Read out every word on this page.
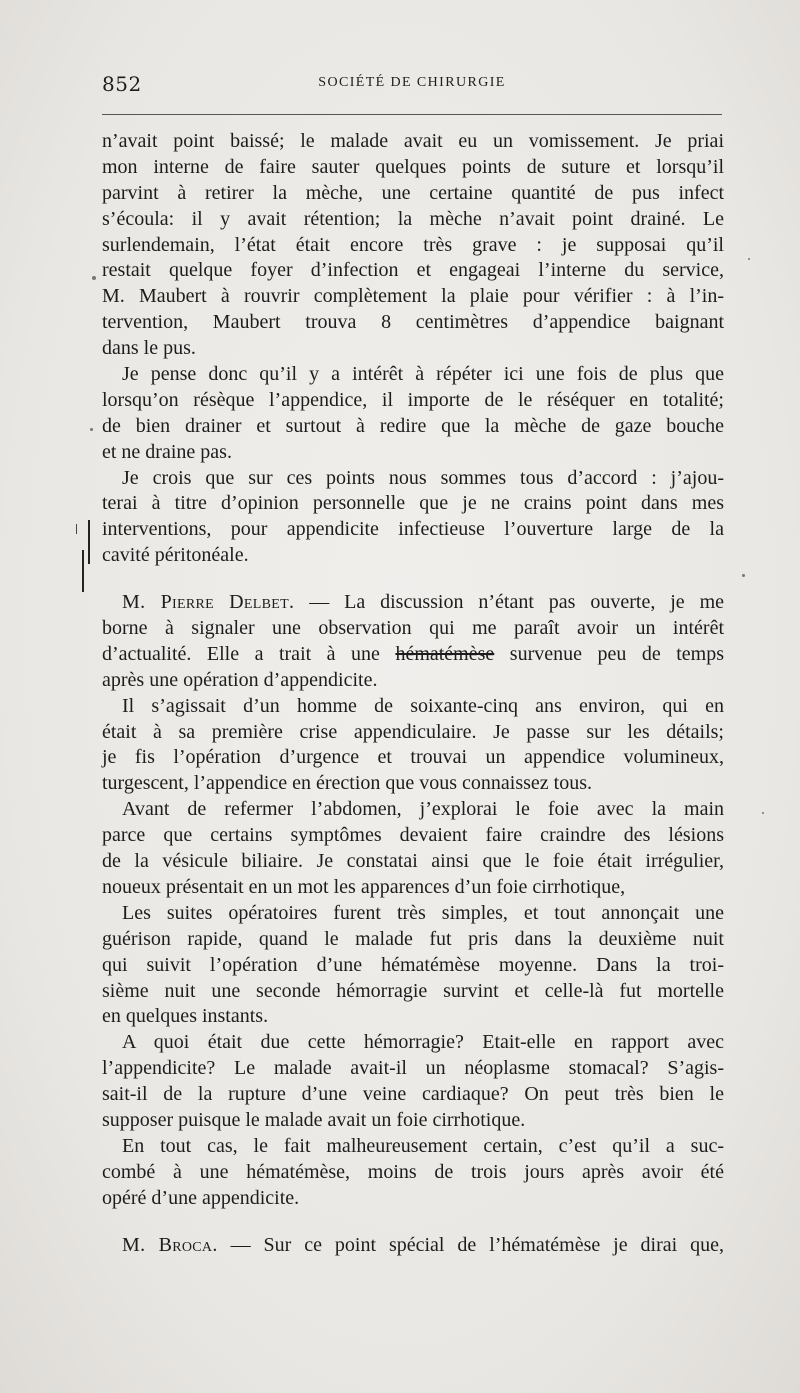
852	SOCIÉTÉ DE CHIRURGIE
n’avait point baissé; le malade avait eu un vomissement. Je priai
mon interne de faire sauter quelques points de suture et lorsqu’il
parvint à retirer la mèche, une certaine quantité de pus infect
s’écoula: il y avait rétention; la mèche n’avait point drainé. Le
surlendemain, l’état était encore très grave : je supposai qu’il
restait quelque foyer d’infection et engageai l’interne du service,
M. Maubert à rouvrir complètement la plaie pour vérifier : à l’in-
tervention, Maubert trouva 8 centimètres d’appendice baignant
dans le pus.
Je pense donc qu’il y a intérêt à répéter ici une fois de plus que
lorsqu’on résèque l’appendice, il importe de le réséquer en totalité;
de bien drainer et surtout à redire que la mèche de gaze bouche
et ne draine pas.
Je crois que sur ces points nous sommes tous d’accord : j’ajou-
terai à titre d’opinion personnelle que je ne crains point dans mes
interventions, pour appendicite infectieuse l’ouverture large de la
cavité péritonéale.
M. Pierre Delbet. — La discussion n’étant pas ouverte, je me
borne à signaler une observation qui me paraît avoir un intérêt
d’actualité. Elle a trait à une hématémèse survenue peu de temps
après une opération d’appendicite.
Il s’agissait d’un homme de soixante-cinq ans environ, qui en
était à sa première crise appendiculaire. Je passe sur les détails;
je fis l’opération d’urgence et trouvai un appendice volumineux,
turgescent, l’appendice en érection que vous connaissez tous.
Avant de refermer l’abdomen, j’explorai le foie avec la main
parce que certains symptômes devaient faire craindre des lésions
de la vésicule biliaire. Je constatai ainsi que le foie était irrégulier,
noueux présentait en un mot les apparences d’un foie cirrhotique,
Les suites opératoires furent très simples, et tout annonçait une
guérison rapide, quand le malade fut pris dans la deuxième nuit
qui suivit l’opération d’une hématémèse moyenne. Dans la troi-
sième nuit une seconde hémorragie survint et celle-là fut mortelle
en quelques instants.
A quoi était due cette hémorragie? Etait-elle en rapport avec
l’appendicite? Le malade avait-il un néoplasme stomacal? S’agis-
sait-il de la rupture d’une veine cardiaque? On peut très bien le
supposer puisque le malade avait un foie cirrhotique.
En tout cas, le fait malheureusement certain, c’est qu’il a suc-
combé à une hématémèse, moins de trois jours après avoir été
opéré d’une appendicite.
M. Broca. — Sur ce point spécial de l’hématémèse je dirai que,
